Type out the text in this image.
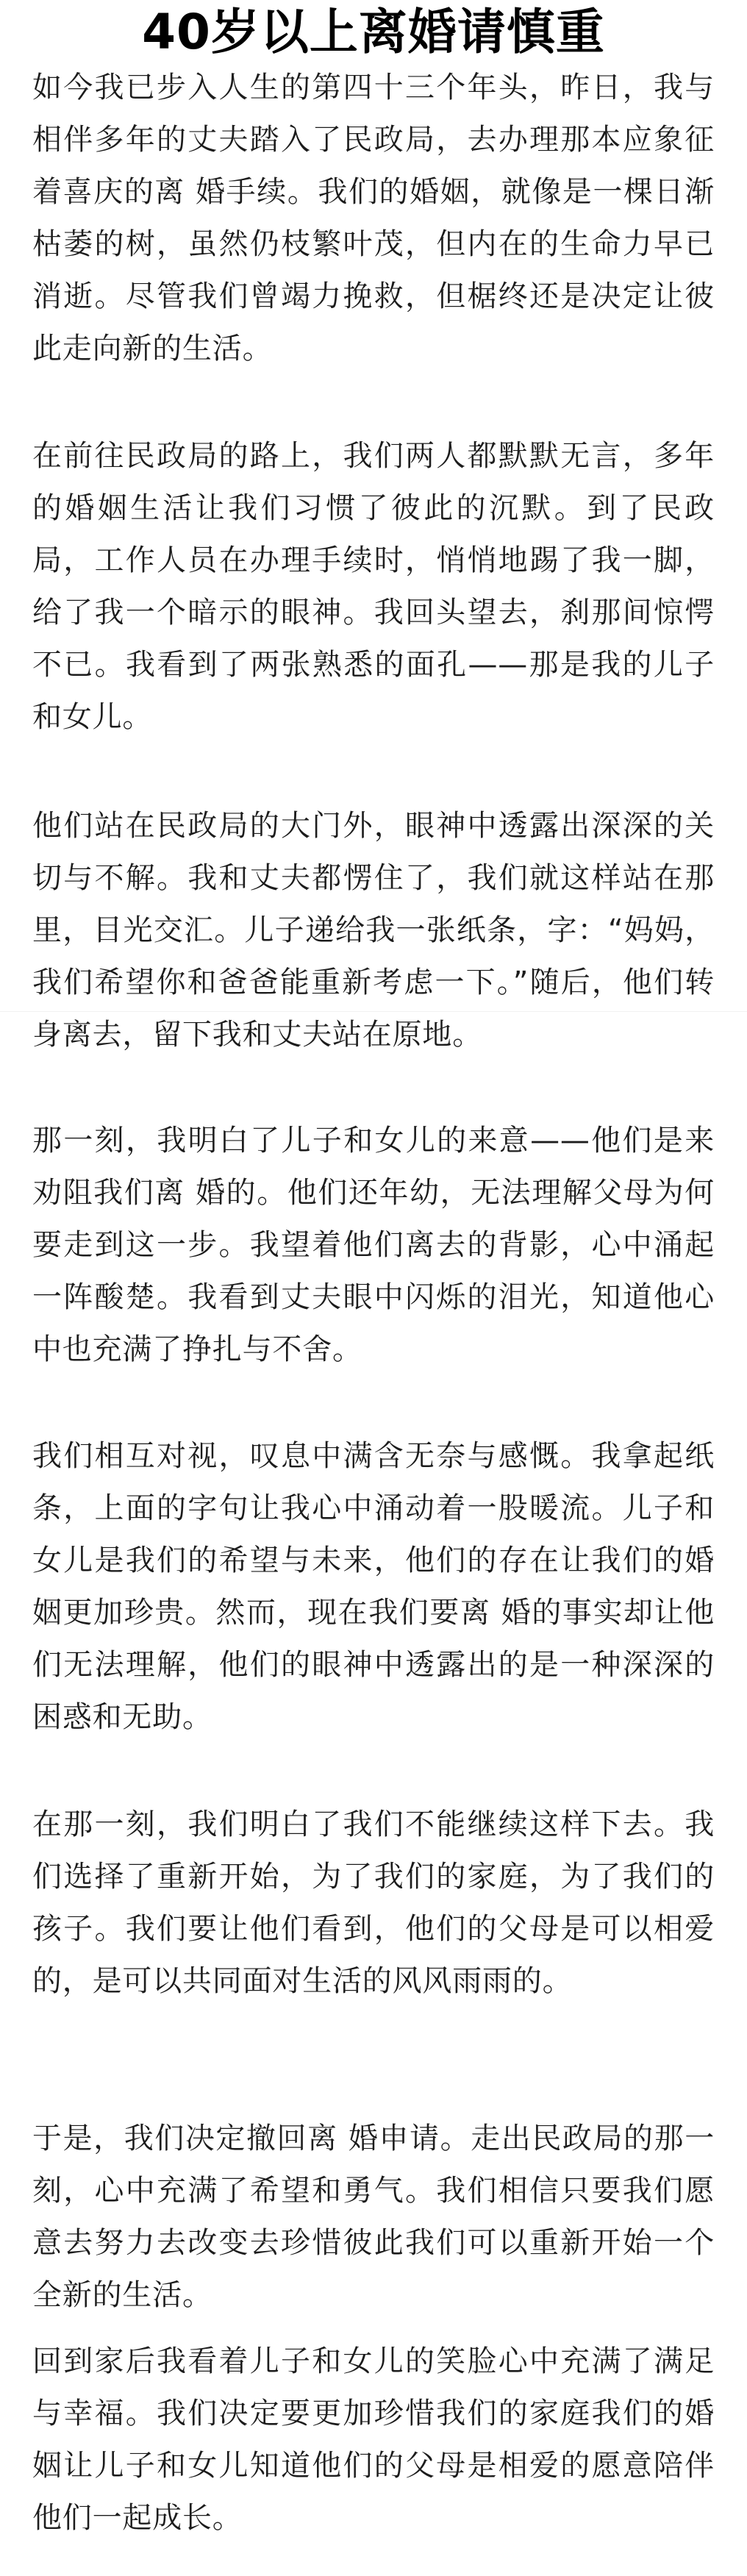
40岁以上离婚请慎重
如今我已步入人生的第四十三个年头，昨日，我与相伴多年的丈夫踏入了民政局，去办理那本应象征着喜庆的离 婚手续。我们的婚姻，就像是一棵日渐枯萎的树，虽然仍枝繁叶茂，但内在的生命力早已消逝。尽管我们曾竭力挽救，但椐终还是决定让彼此走向新的生活。
在前往民政局的路上，我们两人都默默无言，多年的婚姻生活让我们习惯了彼此的沉默。到了民政局，工作人员在办理手续时，悄悄地踢了我一脚，给了我一个暗示的眼神。我回头望去，刹那间惊愕不已。我看到了两张熟悉的面孔——那是我的儿子和女儿。
他们站在民政局的大门外，眼神中透露出深深的关切与不解。我和丈夫都愣住了，我们就这样站在那里，目光交汇。儿子递给我一张纸条，字：“妈妈，我们希望你和爸爸能重新考虑一下。”随后，他们转身离去，留下我和丈夫站在原地。
那一刻，我明白了儿子和女儿的来意——他们是来劝阻我们离 婚的。他们还年幼，无法理解父母为何要走到这一步。我望着他们离去的背影，心中涌起一阵酸楚。我看到丈夫眼中闪烁的泪光，知道他心中也充满了挣扎与不舍。
我们相互对视，叹息中满含无奈与感慨。我拿起纸条，上面的字句让我心中涌动着一股暖流。儿子和女儿是我们的希望与未来，他们的存在让我们的婚姻更加珍贵。然而，现在我们要离 婚的事实却让他们无法理解，他们的眼神中透露出的是一种深深的困惑和无助。
在那一刻，我们明白了我们不能继续这样下去。我们选择了重新开始，为了我们的家庭，为了我们的孩子。我们要让他们看到，他们的父母是可以相爱的，是可以共同面对生活的风风雨雨的。
于是，我们决定撤回离 婚申请。走出民政局的那一刻，心中充满了希望和勇气。我们相信只要我们愿意去努力去改变去珍惜彼此我们可以重新开始一个全新的生活。
回到家后我看着儿子和女儿的笑脸心中充满了满足与幸福。我们决定要更加珍惜我们的家庭我们的婚姻让儿子和女儿知道他们的父母是相爱的愿意陪伴他们一起成长。
